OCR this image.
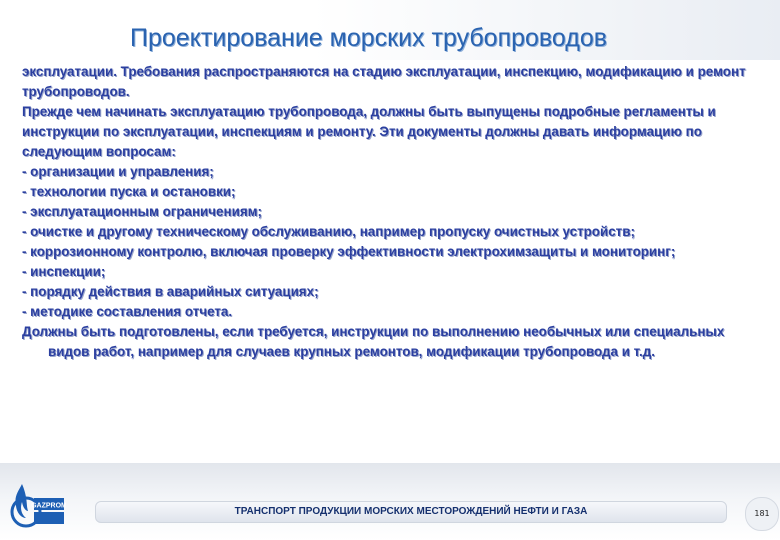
Проектирование морских трубопроводов

эксплуатации. Требования распространяются на стадию эксплуатации, инспекцию, модификацию и ремонт трубопроводов.

Прежде чем начинать эксплуатацию трубопровода, должны быть выпущены подробные регламенты и инструкции по эксплуатации, инспекциям и ремонту. Эти документы должны давать информацию по следующим вопросам:

- организации и управления;

- технологии пуска и остановки;

- эксплуатационным ограничениям;

- очистке и другому техническому обслуживанию, например пропуску очистных устройств;

- коррозионному контролю, включая проверку эффективности электрохимзащиты и мониторинг;

- инспекции;

- порядку действия в аварийных ситуациях;

- методике составления отчета.

Должны быть подготовлены, если требуется, инструкции по выполнению необычных или специальных видов работ, например для случаев крупных ремонтов, модификации трубопровода и т.д.

GAZPROM	ТРАНСПОРТ ПРОДУКЦИИ МОРСКИХ МЕСТОРОЖДЕНИЙ НЕФТИ И ГАЗА	181
